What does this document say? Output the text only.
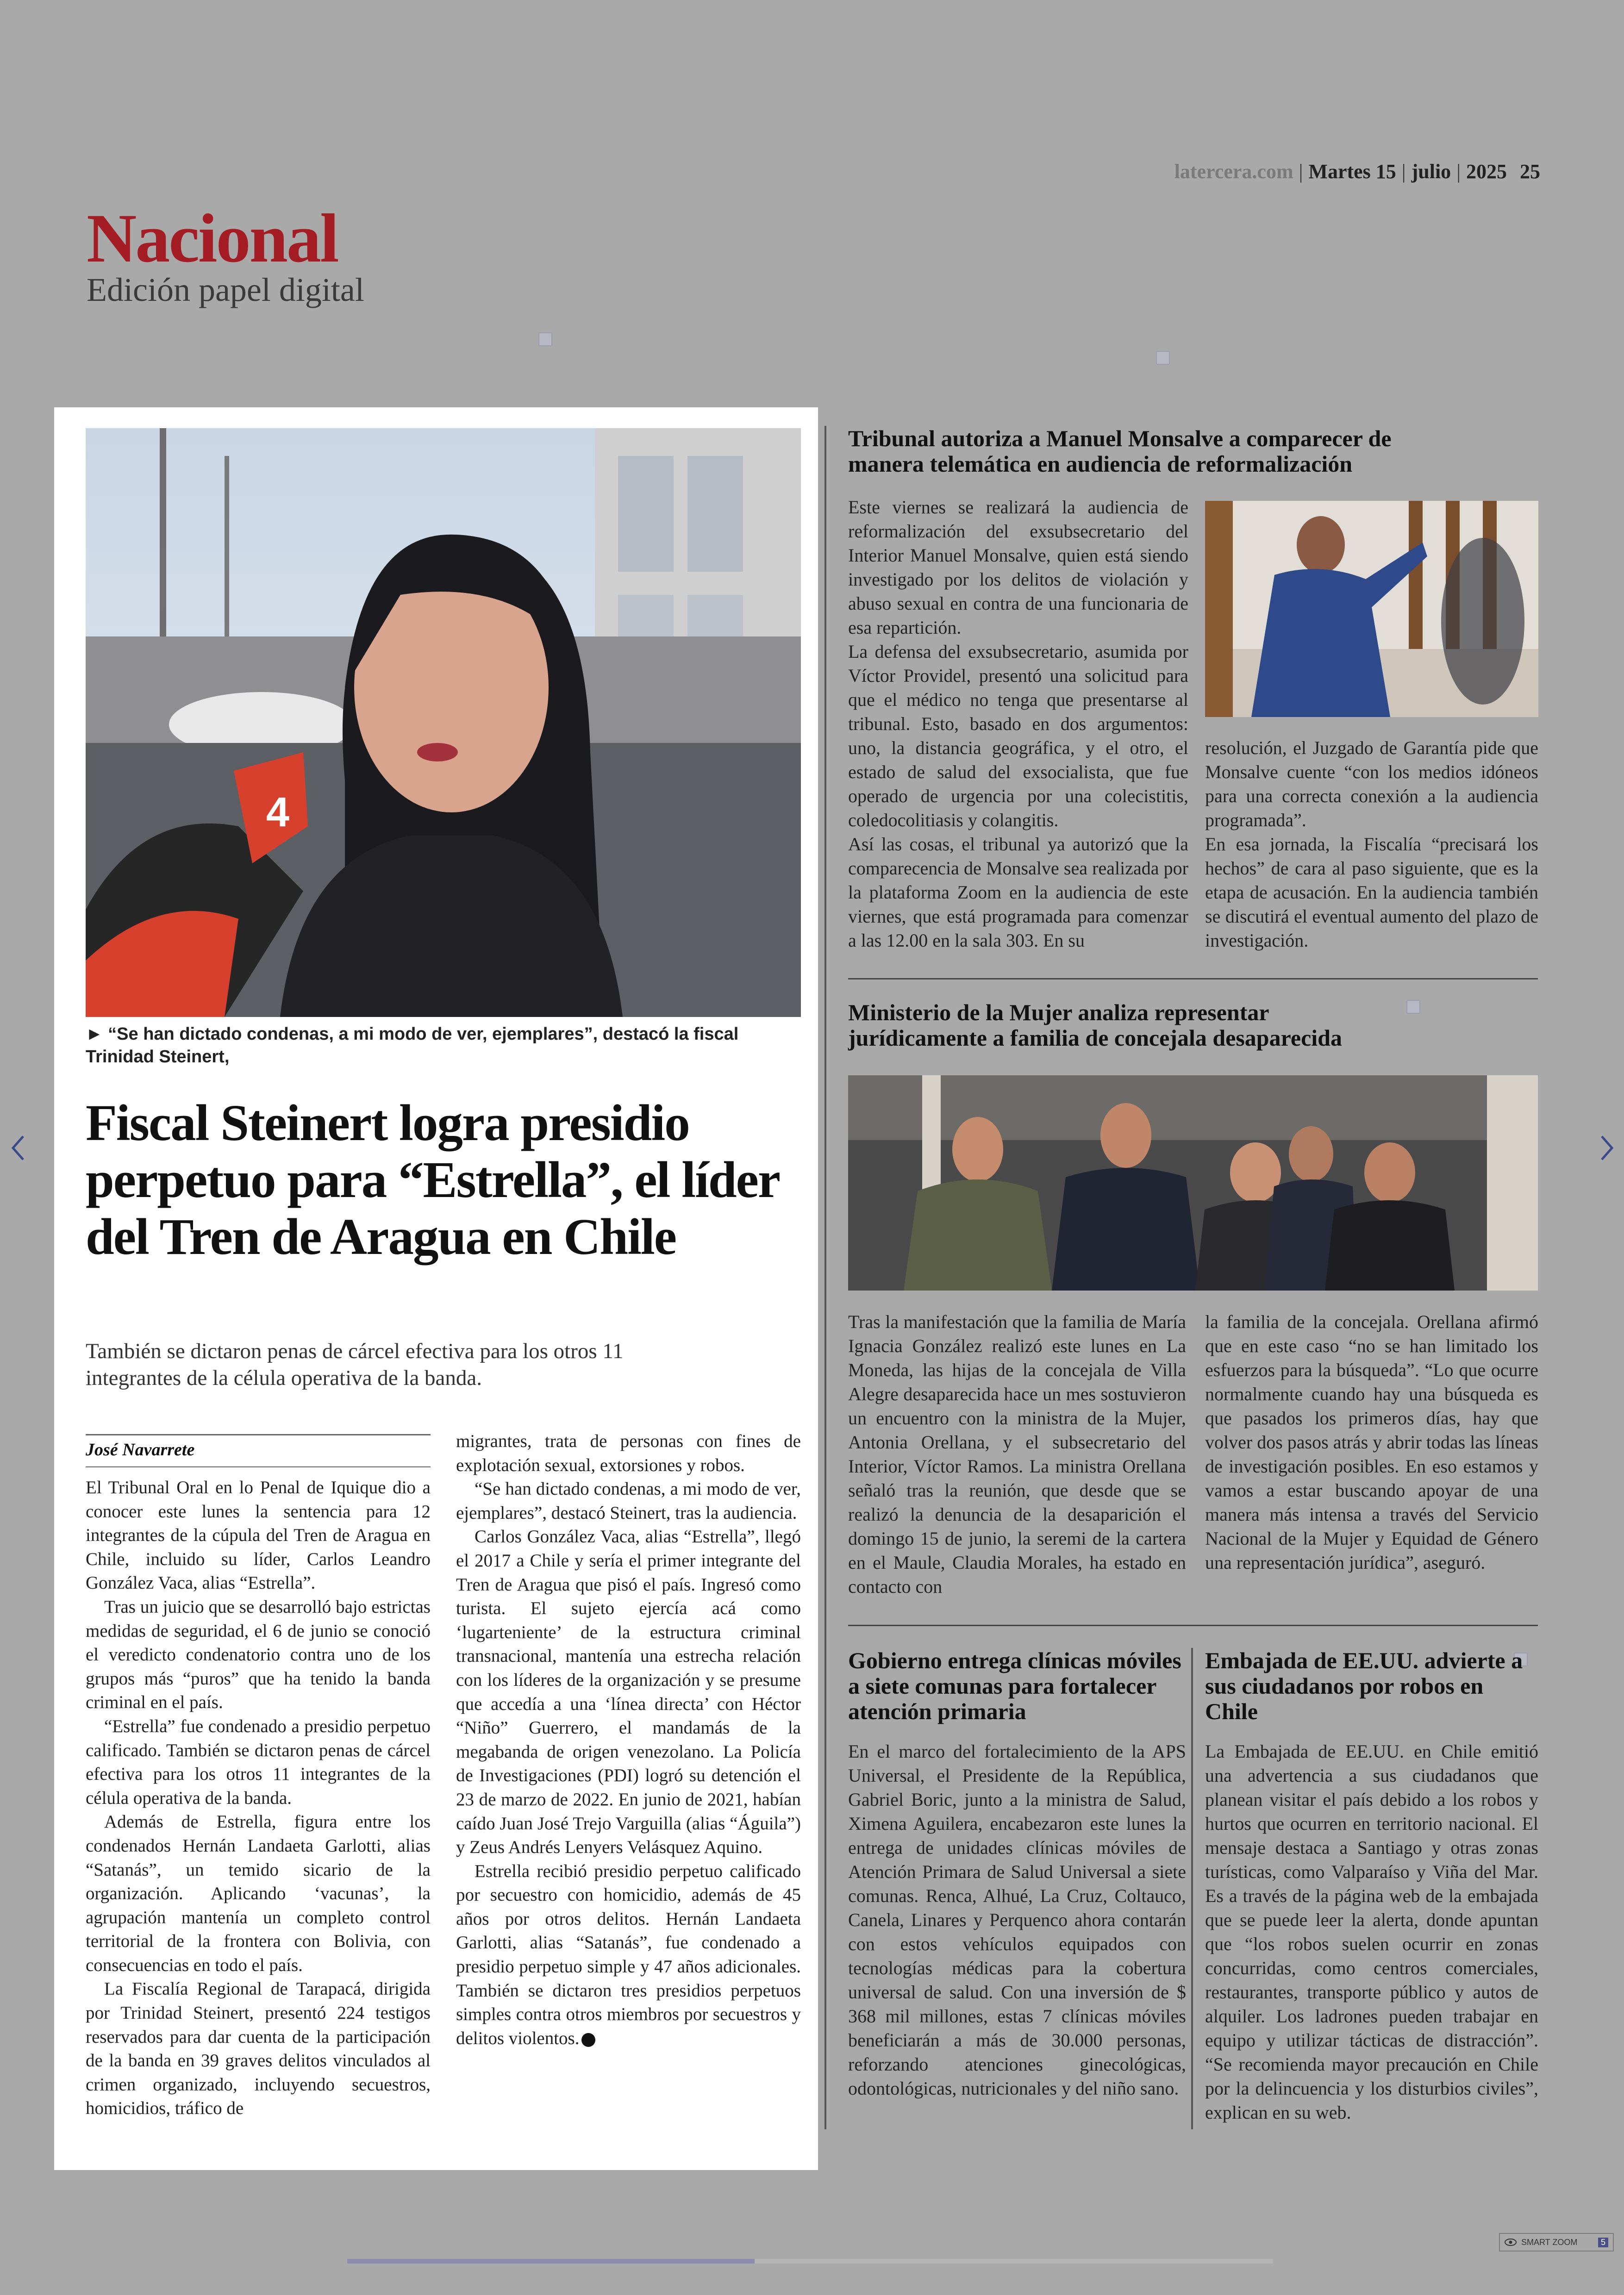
latercera.com | Martes 15 | julio | 2025 25
Nacional
Edición papel digital
4
► “Se han dictado condenas, a mi modo de ver, ejemplares”, destacó la fiscal Trinidad Steinert,
Fiscal Steinert logra presidio perpetuo para “Estrella”, el líder del Tren de Aragua en Chile
También se dictaron penas de cárcel efectiva para los otros 11 integrantes de la célula operativa de la banda.
José Navarrete

El Tribunal Oral en lo Penal de Iquique dio a conocer este lunes la sentencia para 12 integrantes de la cúpula del Tren de Aragua en Chile, incluido su líder, Carlos Leandro González Vaca, alias “Estrella”.

Tras un juicio que se desarrolló bajo estrictas medidas de seguridad, el 6 de junio se conoció el veredicto condenatorio contra uno de los grupos más “puros” que ha tenido la banda criminal en el país.

“Estrella” fue condenado a presidio perpetuo calificado. También se dictaron penas de cárcel efectiva para los otros 11 integrantes de la célula operativa de la banda.

Además de Estrella, figura entre los condenados Hernán Landaeta Garlotti, alias “Satanás”, un temido sicario de la organización. Aplicando ‘vacunas’, la agrupación mantenía un completo control territorial de la frontera con Bolivia, con consecuencias en todo el país.

La Fiscalía Regional de Tarapacá, dirigida por Trinidad Steinert, presentó 224 testigos reservados para dar cuenta de la participación de la banda en 39 graves delitos vinculados al crimen organizado, incluyendo secuestros, homicidios, tráfico de

migrantes, trata de personas con fines de explotación sexual, extorsiones y robos.

“Se han dictado condenas, a mi modo de ver, ejemplares”, destacó Steinert, tras la audiencia.

Carlos González Vaca, alias “Estrella”, llegó el 2017 a Chile y sería el primer integrante del Tren de Aragua que pisó el país. Ingresó como turista. El sujeto ejercía acá como ‘lugarteniente’ de la estructura criminal transnacional, mantenía una estrecha relación con los líderes de la organización y se presume que accedía a una ‘línea directa’ con Héctor “Niño” Guerrero, el mandamás de la megabanda de origen venezolano. La Policía de Investigaciones (PDI) logró su detención el 23 de marzo de 2022. En junio de 2021, habían caído Juan José Trejo Varguilla (alias “Águila”) y Zeus Andrés Lenyers Velásquez Aquino.

Estrella recibió presidio perpetuo calificado por secuestro con homicidio, además de 45 años por otros delitos. Hernán Landaeta Garlotti, alias “Satanás”, fue condenado a presidio perpetuo simple y 47 años adicionales. También se dictaron tres presidios perpetuos simples contra otros miembros por secuestros y delitos violentos.

Tribunal autoriza a Manuel Monsalve a comparecer de manera telemática en audiencia de reformalización

Este viernes se realizará la audiencia de reformalización del exsubsecretario del Interior Manuel Monsalve, quien está siendo investigado por los delitos de violación y abuso sexual en contra de una funcionaria de esa repartición.

La defensa del exsubsecretario, asumida por Víctor Providel, presentó una solicitud para que el médico no tenga que presentarse al tribunal. Esto, basado en dos argumentos: uno, la distancia geográfica, y el otro, el estado de salud del exsocialista, que fue operado de urgencia por una colecistitis, coledocolitiasis y colangitis.

Así las cosas, el tribunal ya autorizó que la comparecencia de Monsalve sea realizada por la plataforma Zoom en la audiencia de este viernes, que está programada para comenzar a las 12.00 en la sala 303. En su

resolución, el Juzgado de Garantía pide que Monsalve cuente “con los medios idóneos para una correcta conexión a la audiencia programada”.

En esa jornada, la Fiscalía “precisará los hechos” de cara al paso siguiente, que es la etapa de acusación. En la audiencia también se discutirá el eventual aumento del plazo de investigación.

Ministerio de la Mujer analiza representar jurídicamente a familia de concejala desaparecida

Tras la manifestación que la familia de María Ignacia González realizó este lunes en La Moneda, las hijas de la concejala de Villa Alegre desaparecida hace un mes sostuvieron un encuentro con la ministra de la Mujer, Antonia Orellana, y el subsecretario del Interior, Víctor Ramos. La ministra Orellana señaló tras la reunión, que desde que se realizó la denuncia de la desaparición el domingo 15 de junio, la seremi de la cartera en el Maule, Claudia Morales, ha estado en contacto con

la familia de la concejala. Orellana afirmó que en este caso “no se han limitado los esfuerzos para la búsqueda”. “Lo que ocurre normalmente cuando hay una búsqueda es que pasados los primeros días, hay que volver dos pasos atrás y abrir todas las líneas de investigación posibles. En eso estamos y vamos a estar buscando apoyar de una manera más intensa a través del Servicio Nacional de la Mujer y Equidad de Género una representación jurídica”, aseguró.

Gobierno entrega clínicas móviles a siete comunas para fortalecer atención primaria

En el marco del fortalecimiento de la APS Universal, el Presidente de la República, Gabriel Boric, junto a la ministra de Salud, Ximena Aguilera, encabezaron este lunes la entrega de unidades clínicas móviles de Atención Primara de Salud Universal a siete comunas. Renca, Alhué, La Cruz, Coltauco, Canela, Linares y Perquenco ahora contarán con estos vehículos equipados con tecnologías médicas para la cobertura universal de salud. Con una inversión de $ 368 mil millones, estas 7 clínicas móviles beneficiarán a más de 30.000 personas, reforzando atenciones ginecológicas, odontológicas, nutricionales y del niño sano.

Embajada de EE.UU. advierte a sus ciudadanos por robos en Chile

La Embajada de EE.UU. en Chile emitió una advertencia a sus ciudadanos que planean visitar el país debido a los robos y hurtos que ocurren en territorio nacional. El mensaje destaca a Santiago y otras zonas turísticas, como Valparaíso y Viña del Mar. Es a través de la página web de la embajada que se puede leer la alerta, donde apuntan que “los robos suelen ocurrir en zonas concurridas, como centros comerciales, restaurantes, transporte público y autos de alquiler. Los ladrones pueden trabajar en equipo y utilizar tácticas de distracción”. “Se recomienda mayor precaución en Chile por la delincuencia y los disturbios civiles”, explican en su web.

SMART ZOOM	5
